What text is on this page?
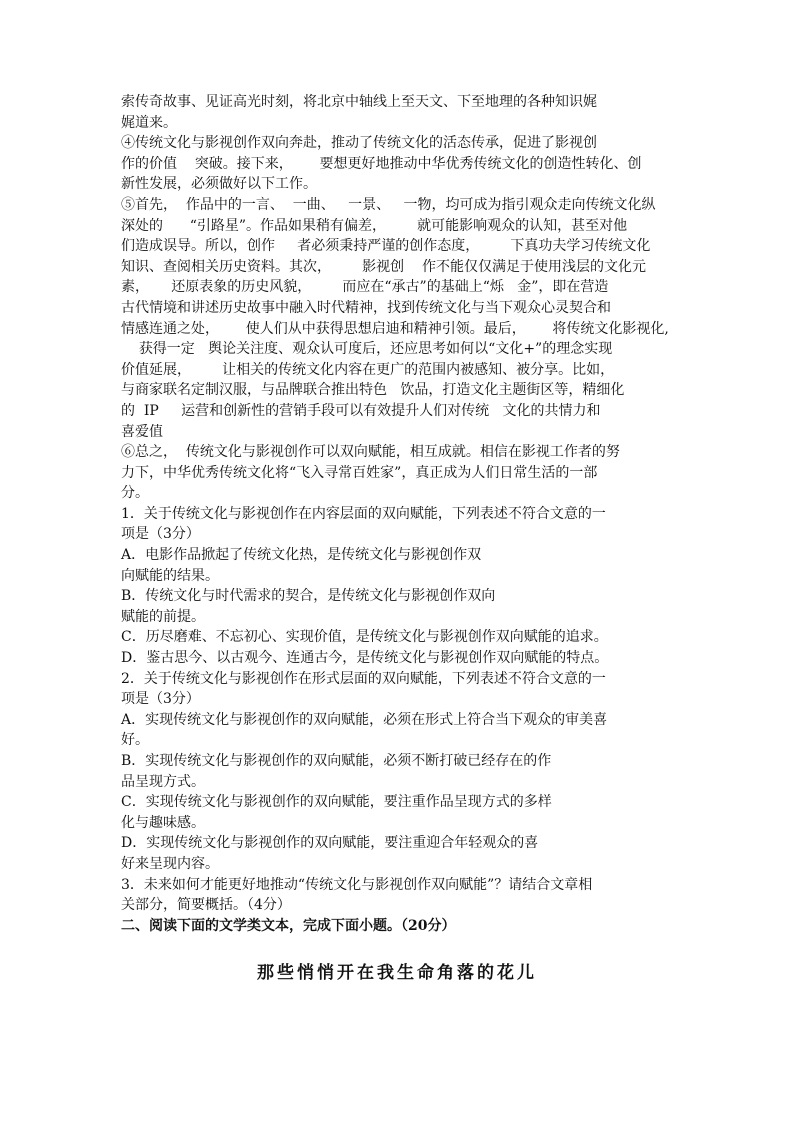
索传奇故事、见证高光时刻，将北京中轴线上至天文、下至地理的各种知识娓

娓道来。

④传统文化与影视创作双向奔赴，推动了传统文化的活态传承，促进了影视创

作的价值    突破。接下来，      要想更好地推动中华优秀传统文化的创造性转化、创

新性发展，必须做好以下工作。

⑤首先，  作品中的一言、  一曲、   一景、   一物，均可成为指引观众走向传统文化纵

深处的      “引路星”。作品如果稍有偏差，       就可能影响观众的认知，甚至对他

们造成误导。所以，创作     者必须秉持严谨的创作态度，       下真功夫学习传统文化

知识、查阅相关历史资料。其次，       影视创    作不能仅仅满足于使用浅层的文化元

素，     还原表象的历史风貌，       而应在“承古”的基础上“烁   金”，即在营造

古代情境和讲述历史故事中融入时代精神，找到传统文化与当下观众心灵契合和

情感连通之处，      使人们从中获得思想启迪和精神引领。最后，      将传统文化影视化,

获得一定   舆论关注度、观众认可度后，还应思考如何以“文化+”的理念实现

价值延展，       让相关的传统文化内容在更广的范围内被感知、被分享。比如，

与商家联名定制汉服，与品牌联合推出特色   饮品，打造文化主题街区等，精细化

的  IP     运营和创新性的营销手段可以有效提升人们对传统   文化的共情力和

喜爱值

⑥总之，  传统文化与影视创作可以双向赋能，相互成就。相信在影视工作者的努

力下，中华优秀传统文化将“飞入寻常百姓家”，真正成为人们日常生活的一部

分。

1．关于传统文化与影视创作在内容层面的双向赋能，下列表述不符合文意的一

项是（3分）

A．电影作品掀起了传统文化热，是传统文化与影视创作双

向赋能的结果。

B．传统文化与时代需求的契合，是传统文化与影视创作双向

赋能的前提。

C．历尽磨难、不忘初心、实现价值，是传统文化与影视创作双向赋能的追求。

D．鉴古思今、以古观今、连通古今，是传统文化与影视创作双向赋能的特点。

2．关于传统文化与影视创作在形式层面的双向赋能，下列表述不符合文意的一

项是（3分）

A．实现传统文化与影视创作的双向赋能，必须在形式上符合当下观众的审美喜

好。

B．实现传统文化与影视创作的双向赋能，必须不断打破已经存在的作

品呈现方式。

C．实现传统文化与影视创作的双向赋能，要注重作品呈现方式的多样

化与趣味感。

D．实现传统文化与影视创作的双向赋能，要注重迎合年轻观众的喜

好来呈现内容。

3．未来如何才能更好地推动“传统文化与影视创作双向赋能”？请结合文章相

关部分，简要概括。（4分）

二、阅读下面的文学类文本，完成下面小题。（20分）

那些悄悄开在我生命角落的花儿
